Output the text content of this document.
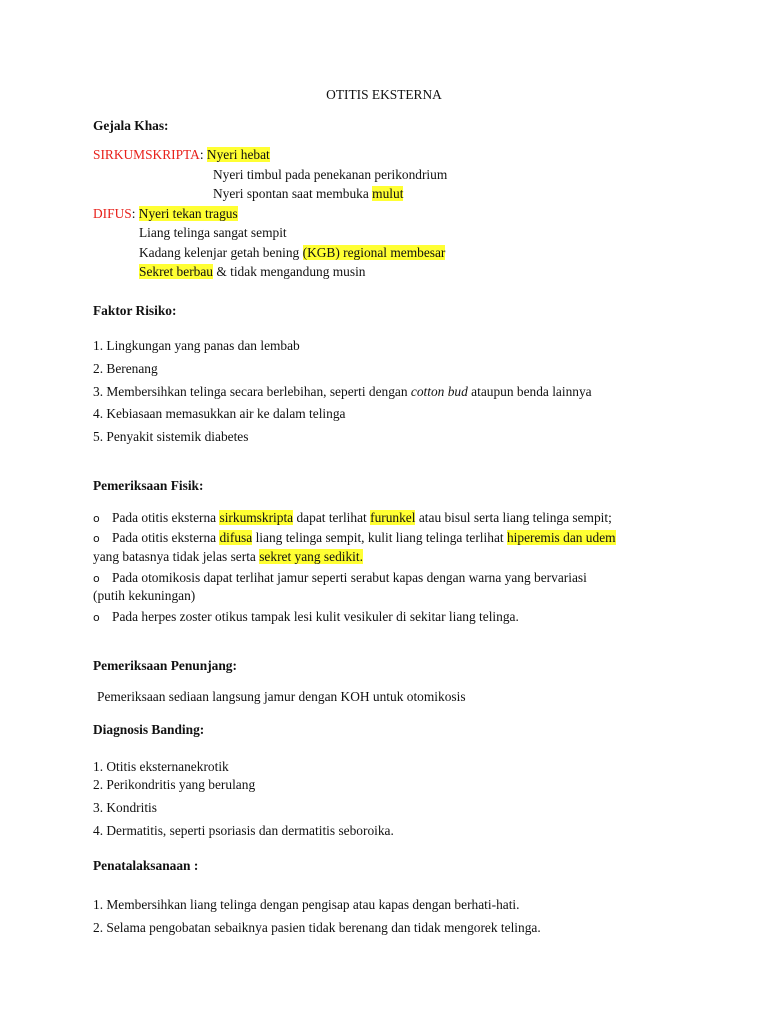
OTITIS EKSTERNA
Gejala Khas:
SIRKUMSKRIPTA: Nyeri hebat
Nyeri timbul pada penekanan perikondrium
Nyeri spontan saat membuka mulut
DIFUS: Nyeri tekan tragus
Liang telinga sangat sempit
Kadang kelenjar getah bening (KGB) regional membesar
Sekret berbau & tidak mengandung musin
Faktor Risiko:
1. Lingkungan yang panas dan lembab
2. Berenang
3. Membersihkan telinga secara berlebihan, seperti dengan cotton bud ataupun benda lainnya
4. Kebiasaan memasukkan air ke dalam telinga
5. Penyakit sistemik diabetes
Pemeriksaan Fisik:
o Pada otitis eksterna sirkumskripta dapat terlihat furunkel atau bisul serta liang telinga sempit;
o Pada otitis eksterna difusa liang telinga sempit, kulit liang telinga terlihat hiperemis dan udem
yang batasnya tidak jelas serta sekret yang sedikit.
o Pada otomikosis dapat terlihat jamur seperti serabut kapas dengan warna yang bervariasi
(putih kekuningan)
o Pada herpes zoster otikus tampak lesi kulit vesikuler di sekitar liang telinga.
Pemeriksaan Penunjang:
Pemeriksaan sediaan langsung jamur dengan KOH untuk otomikosis
Diagnosis Banding:
1. Otitis eksternanekrotik
2. Perikondritis yang berulang
3. Kondritis
4. Dermatitis, seperti psoriasis dan dermatitis seboroika.
Penatalaksanaan :
1. Membersihkan liang telinga dengan pengisap atau kapas dengan berhati-hati.
2. Selama pengobatan sebaiknya pasien tidak berenang dan tidak mengorek telinga.
